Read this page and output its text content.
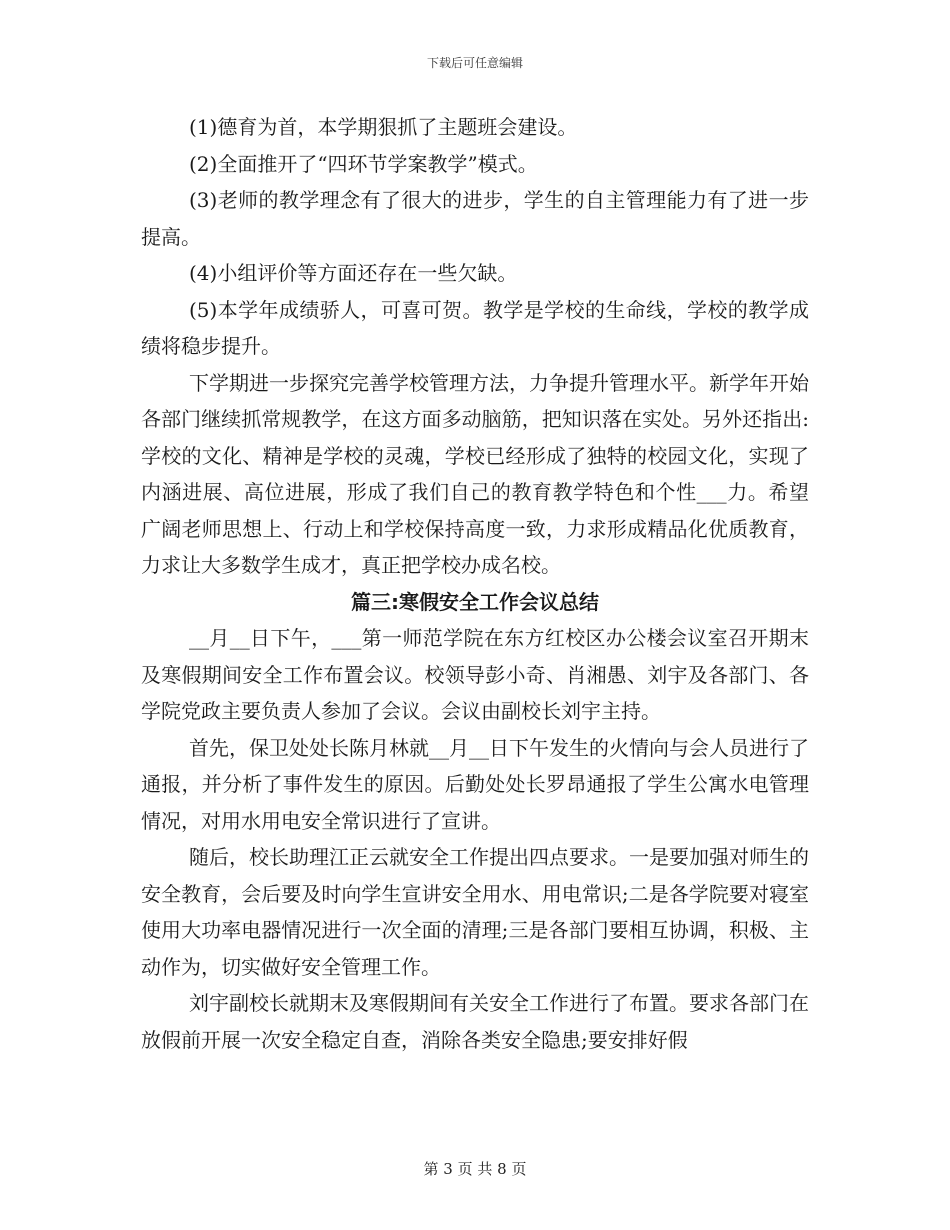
下载后可任意编辑

(1)德育为首，本学期狠抓了主题班会建设。

(2)全面推开了“四环节学案教学”模式。

(3)老师的教学理念有了很大的进步，学生的自主管理能力有了进一步提高。

(4)小组评价等方面还存在一些欠缺。

(5)本学年成绩骄人，可喜可贺。教学是学校的生命线，学校的教学成绩将稳步提升。

下学期进一步探究完善学校管理方法，力争提升管理水平。新学年开始各部门继续抓常规教学，在这方面多动脑筋，把知识落在实处。另外还指出:学校的文化、精神是学校的灵魂，学校已经形成了独特的校园文化，实现了内涵进展、高位进展，形成了我们自己的教育教学特色和个性___力。希望广阔老师思想上、行动上和学校保持高度一致，力求形成精品化优质教育，力求让大多数学生成才，真正把学校办成名校。

篇三:寒假安全工作会议总结

__月__日下午，___第一师范学院在东方红校区办公楼会议室召开期末及寒假期间安全工作布置会议。校领导彭小奇、肖湘愚、刘宇及各部门、各学院党政主要负责人参加了会议。会议由副校长刘宇主持。

首先，保卫处处长陈月林就__月__日下午发生的火情向与会人员进行了通报，并分析了事件发生的原因。后勤处处长罗昂通报了学生公寓水电管理情况，对用水用电安全常识进行了宣讲。

随后，校长助理江正云就安全工作提出四点要求。一是要加强对师生的安全教育，会后要及时向学生宣讲安全用水、用电常识;二是各学院要对寝室使用大功率电器情况进行一次全面的清理;三是各部门要相互协调，积极、主动作为，切实做好安全管理工作。

刘宇副校长就期末及寒假期间有关安全工作进行了布置。要求各部门在放假前开展一次安全稳定自查，消除各类安全隐患;要安排好假

第 3 页 共 8 页
